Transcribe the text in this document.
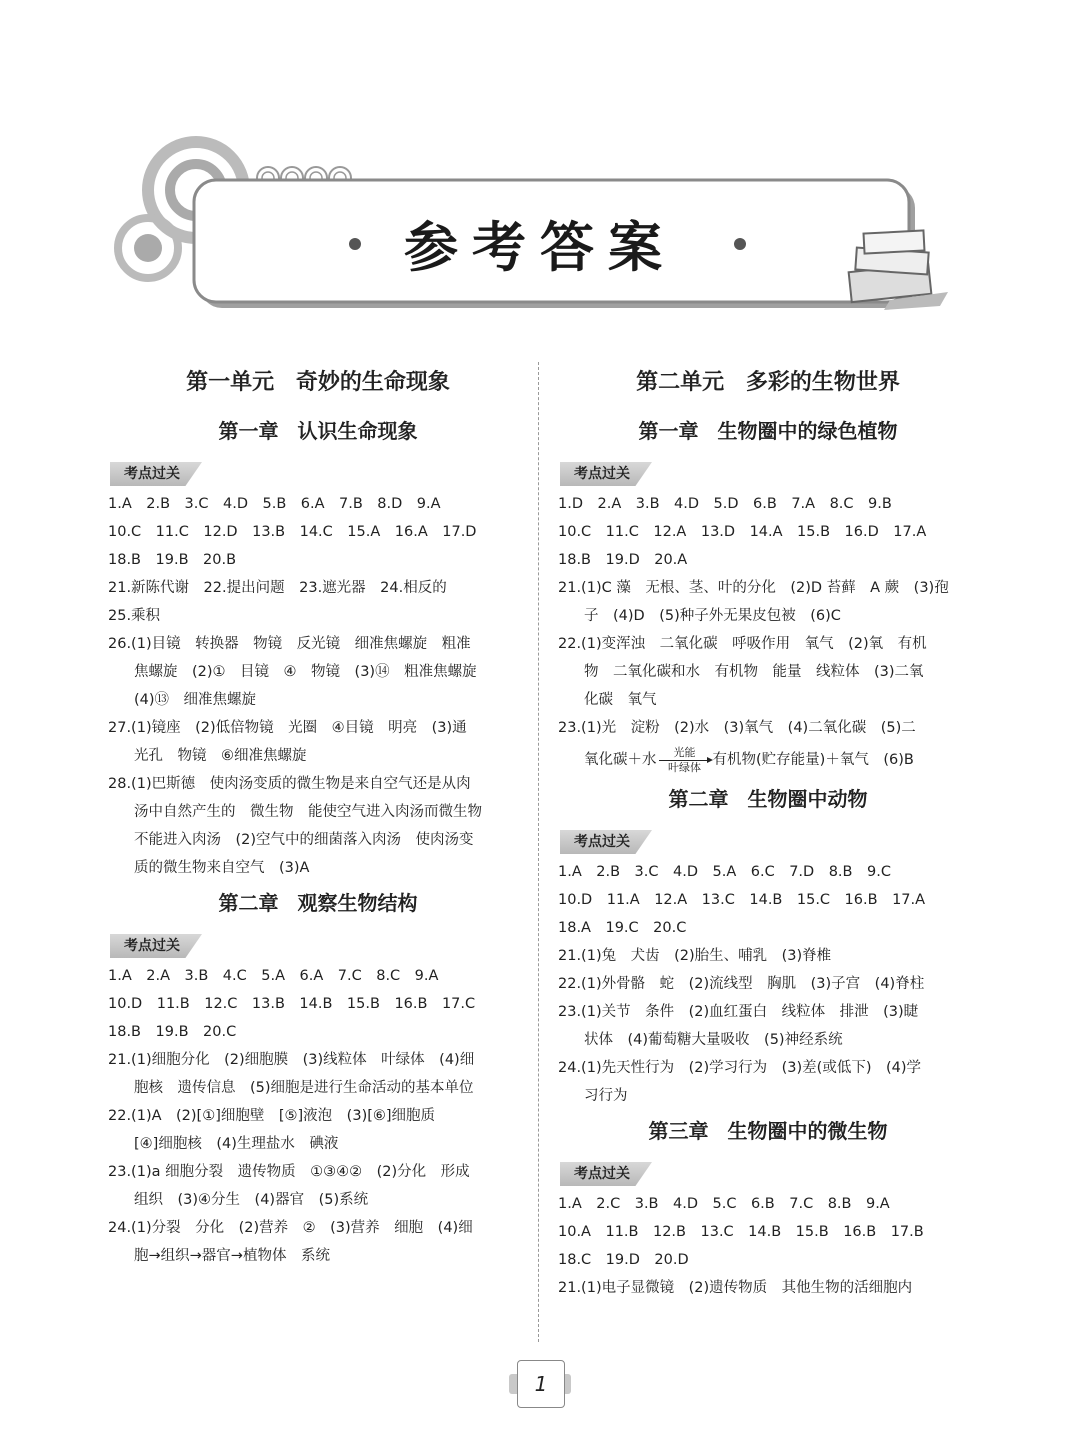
参考答案
第一单元 奇妙的生命现象
第一章 认识生命现象
考点过关
1.A　2.B　3.C　4.D　5.B　6.A　7.B　8.D　9.A
10.C　11.C　12.D　13.B　14.C　15.A　16.A　17.D
18.B　19.B　20.B
21.新陈代谢　22.提出问题　23.遮光器　24.相反的
25.乘积
26.(1)目镜　转换器　物镜　反光镜　细准焦螺旋　粗准
焦螺旋　(2)①　目镜　④　物镜　(3)⑭　粗准焦螺旋
(4)⑬　细准焦螺旋
27.(1)镜座　(2)低倍物镜　光圈　④目镜　明亮　(3)通
光孔　物镜　⑥细准焦螺旋
28.(1)巴斯德　使肉汤变质的微生物是来自空气还是从肉
汤中自然产生的　微生物　能使空气进入肉汤而微生物
不能进入肉汤　(2)空气中的细菌落入肉汤　使肉汤变
质的微生物来自空气　(3)A
第二章 观察生物结构
考点过关
1.A　2.A　3.B　4.C　5.A　6.A　7.C　8.C　9.A
10.D　11.B　12.C　13.B　14.B　15.B　16.B　17.C
18.B　19.B　20.C
21.(1)细胞分化　(2)细胞膜　(3)线粒体　叶绿体　(4)细
胞核　遗传信息　(5)细胞是进行生命活动的基本单位
22.(1)A　(2)[①]细胞壁　[⑤]液泡　(3)[⑥]细胞质
[④]细胞核　(4)生理盐水　碘液
23.(1)a 细胞分裂　遗传物质　①③④②　(2)分化　形成
组织　(3)④分生　(4)器官　(5)系统
24.(1)分裂　分化　(2)营养　②　(3)营养　细胞　(4)细
胞→组织→器官→植物体　系统
第二单元 多彩的生物世界
第一章 生物圈中的绿色植物
考点过关
1.D　2.A　3.B　4.D　5.D　6.B　7.A　8.C　9.B
10.C　11.C　12.A　13.D　14.A　15.B　16.D　17.A
18.B　19.D　20.A
21.(1)C 藻　无根、茎、叶的分化　(2)D 苔藓　A 蕨　(3)孢
子　(4)D　(5)种子外无果皮包被　(6)C
22.(1)变浑浊　二氧化碳　呼吸作用　氧气　(2)氧　有机
物　二氧化碳和水　有机物　能量　线粒体　(3)二氧
化碳　氧气
23.(1)光　淀粉　(2)水　(3)氧气　(4)二氧化碳　(5)二
氧化碳＋水 $\frac{\text{光能}}{\text{叶绿体}}$ 有机物(贮存能量)＋氧气　(6)B
第二章 生物圈中动物
考点过关
1.A　2.B　3.C　4.D　5.A　6.C　7.D　8.B　9.C
10.D　11.A　12.A　13.C　14.B　15.C　16.B　17.A
18.A　19.C　20.C
21.(1)兔　犬齿　(2)胎生、哺乳　(3)脊椎
22.(1)外骨骼　蛇　(2)流线型　胸肌　(3)子宫　(4)脊柱
23.(1)关节　条件　(2)血红蛋白　线粒体　排泄　(3)睫
状体　(4)葡萄糖大量吸收　(5)神经系统
24.(1)先天性行为　(2)学习行为　(3)差(或低下)　(4)学
习行为
第三章 生物圈中的微生物
考点过关
1.A　2.C　3.B　4.D　5.C　6.B　7.C　8.B　9.A
10.A　11.B　12.B　13.C　14.B　15.B　16.B　17.B
18.C　19.D　20.D
21.(1)电子显微镜　(2)遗传物质　其他生物的活细胞内
1
